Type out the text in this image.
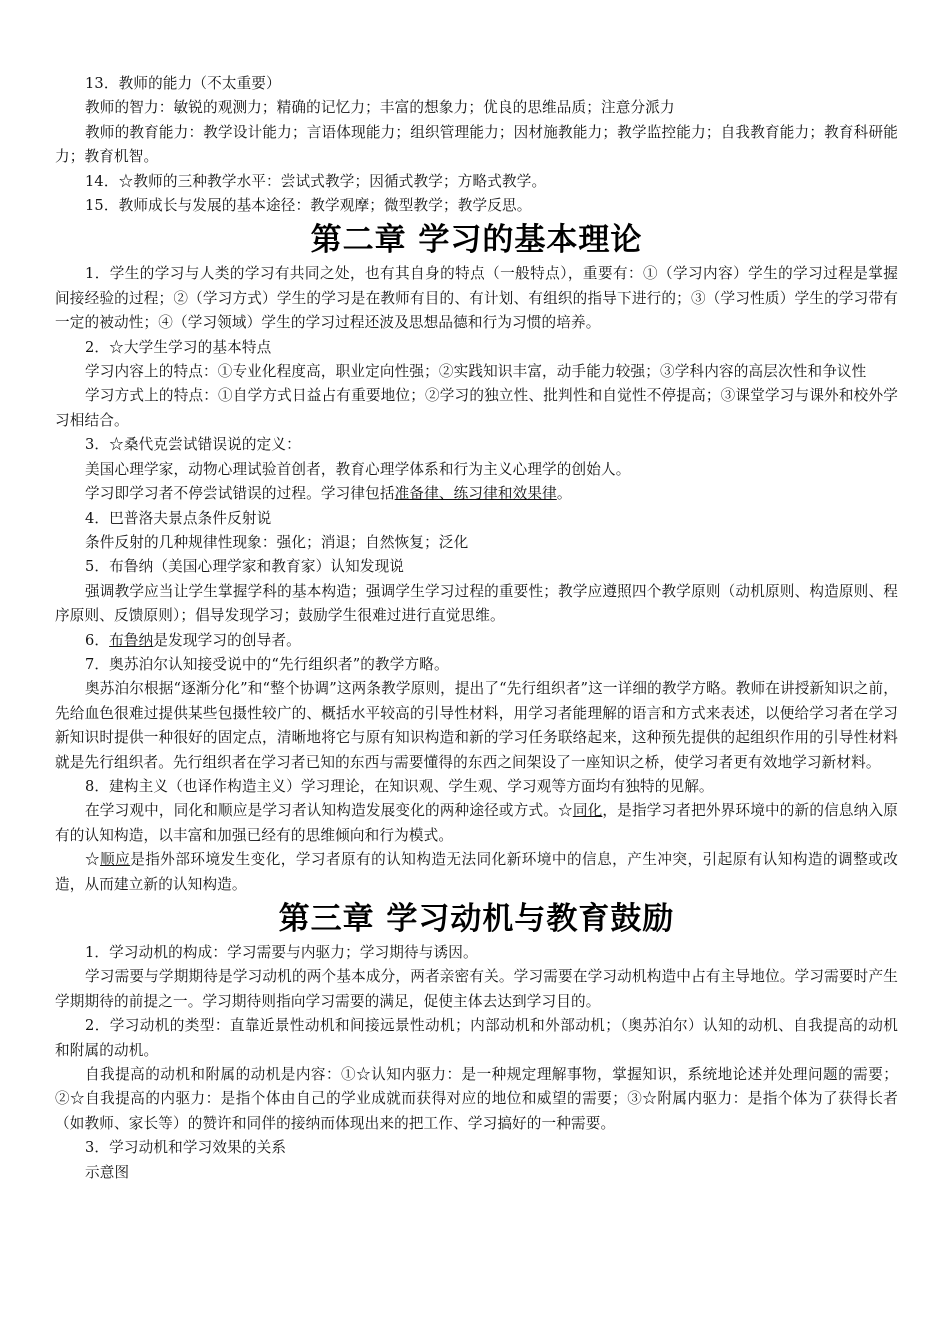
13．教师的能力（不太重要）

教师的智力：敏锐的观测力；精确的记忆力；丰富的想象力；优良的思维品质；注意分派力

教师的教育能力：教学设计能力；言语体现能力；组织管理能力；因材施教能力；教学监控能力；自我教育能力；教育科研能力；教育机智。

14．☆教师的三种教学水平：尝试式教学；因循式教学；方略式教学。

15．教师成长与发展的基本途径：教学观摩；微型教学；教学反思。

第二章 学习的基本理论

1．学生的学习与人类的学习有共同之处，也有其自身的特点（一般特点），重要有：①（学习内容）学生的学习过程是掌握间接经验的过程；②（学习方式）学生的学习是在教师有目的、有计划、有组织的指导下进行的；③（学习性质）学生的学习带有一定的被动性；④（学习领域）学生的学习过程还波及思想品德和行为习惯的培养。

2．☆大学生学习的基本特点

学习内容上的特点：①专业化程度高，职业定向性强；②实践知识丰富，动手能力较强；③学科内容的高层次性和争议性

学习方式上的特点：①自学方式日益占有重要地位；②学习的独立性、批判性和自觉性不停提高；③课堂学习与课外和校外学习相结合。

3．☆桑代克尝试错误说的定义：

美国心理学家，动物心理试验首创者，教育心理学体系和行为主义心理学的创始人。

学习即学习者不停尝试错误的过程。学习律包括准备律、练习律和效果律。

4．巴普洛夫景点条件反射说

条件反射的几种规律性现象：强化；消退；自然恢复；泛化

5．布鲁纳（美国心理学家和教育家）认知发现说

强调教学应当让学生掌握学科的基本构造；强调学生学习过程的重要性；教学应遵照四个教学原则（动机原则、构造原则、程序原则、反馈原则）；倡导发现学习；鼓励学生很难过进行直觉思维。

6．布鲁纳是发现学习的创导者。

7．奥苏泊尔认知接受说中的“先行组织者”的教学方略。

奥苏泊尔根据“逐渐分化”和“整个协调”这两条教学原则，提出了“先行组织者”这一详细的教学方略。教师在讲授新知识之前，先给血色很难过提供某些包摄性较广的、概括水平较高的引导性材料，用学习者能理解的语言和方式来表述，以便给学习者在学习新知识时提供一种很好的固定点，清晰地将它与原有知识构造和新的学习任务联络起来，这种预先提供的起组织作用的引导性材料就是先行组织者。先行组织者在学习者已知的东西与需要懂得的东西之间架设了一座知识之桥，使学习者更有效地学习新材料。

8．建构主义（也译作构造主义）学习理论，在知识观、学生观、学习观等方面均有独特的见解。

在学习观中，同化和顺应是学习者认知构造发展变化的两种途径或方式。☆同化，是指学习者把外界环境中的新的信息纳入原有的认知构造，以丰富和加强已经有的思维倾向和行为模式。

☆顺应是指外部环境发生变化，学习者原有的认知构造无法同化新环境中的信息，产生冲突，引起原有认知构造的调整或改造，从而建立新的认知构造。

第三章 学习动机与教育鼓励

1．学习动机的构成：学习需要与内驱力；学习期待与诱因。

学习需要与学期期待是学习动机的两个基本成分，两者亲密有关。学习需要在学习动机构造中占有主导地位。学习需要时产生学期期待的前提之一。学习期待则指向学习需要的满足，促使主体去达到学习目的。

2．学习动机的类型：直靠近景性动机和间接远景性动机；内部动机和外部动机；（奥苏泊尔）认知的动机、自我提高的动机和附属的动机。

自我提高的动机和附属的动机是内容：①☆认知内驱力：是一种规定理解事物，掌握知识，系统地论述并处理问题的需要；②☆自我提高的内驱力：是指个体由自己的学业成就而获得对应的地位和威望的需要；③☆附属内驱力：是指个体为了获得长者（如教师、家长等）的赞许和同伴的接纳而体现出来的把工作、学习搞好的一种需要。

3．学习动机和学习效果的关系

示意图
